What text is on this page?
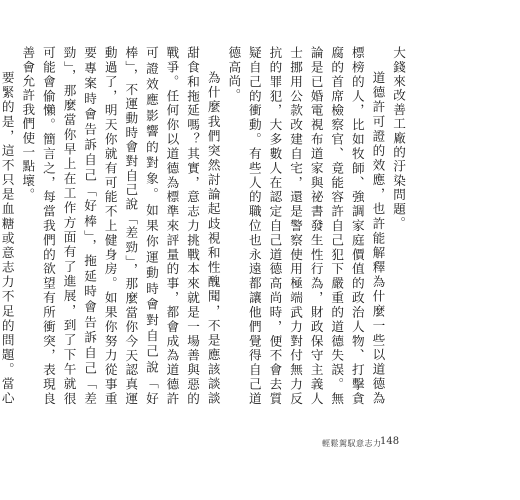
大錢來改善工廠的汙染問題。

道德許可證的效應，也許能解釋為什麼一些以道德為標榜的人，比如牧師、強調家庭價值的政治人物、打擊貪腐的首席檢察官、竟能容許自己犯下嚴重的道德失誤。無論是已婚電視布道家與祕書發生性行為，財政保守主義人士挪用公款改建自宅，還是警察使用極端武力對付無力反抗的罪犯，大多數人在認定自己道德高尚時，便不會去質疑自己的衝動。有些人的職位也永遠都讓他們覺得自己道德高尚。

為什麼我們突然討論起歧視和性醜聞，不是應該談談甜食和拖延嗎？其實，意志力挑戰本來就是一場善與惡的戰爭。任何你以道德為標準來評量的事，都會成為道德許可證效應影響的對象。如果你運動時會對自己說「好棒」，不運動時會對自己說「差勁」，那麼當你今天認真運動過了，明天你就有可能不上健身房。如果你努力從事重要專案時會告訴自己「好棒」，拖延時會告訴自己「差勁」，那麼當你早上在工作方面有了進展，到了下午就很可能會偷懶。簡言之，每當我們的欲望有所衝突，表現良善會允許我們使一點壞。

要緊的是，這不只是血糖或意志力不足的問題。當心

輕鬆駕馭意志力
148
